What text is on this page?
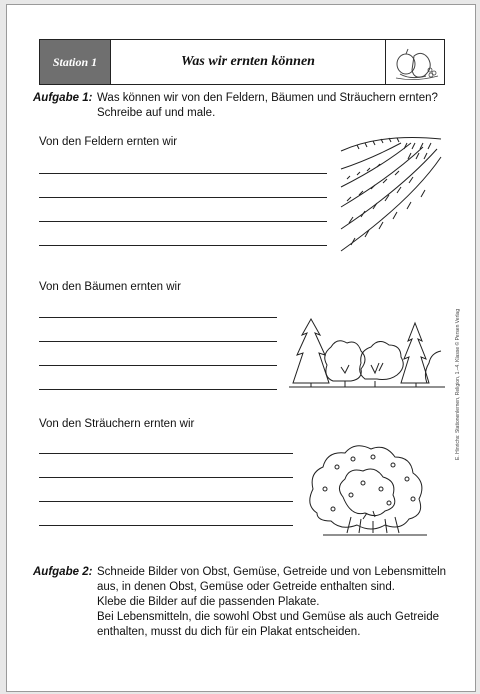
Station 1	Was wir ernten können
Aufgabe 1: Was können wir von den Feldern, Bäumen und Sträuchern ernten?
Schreibe auf und male.
Von den Feldern ernten wir
Von den Bäumen ernten wir
Von den Sträuchern ernten wir
Aufgabe 2: Schneide Bilder von Obst, Gemüse, Getreide und von Lebensmitteln
aus, in denen Obst, Gemüse oder Getreide enthalten sind.
Klebe die Bilder auf die passenden Plakate.
Bei Lebensmitteln, die sowohl Obst und Gemüse als auch Getreide
enthalten, musst du dich für ein Plakat entscheiden.
E. Hinrichs: Stationenlernen, Religion, 1.–4. Klasse © Persen Verlag
